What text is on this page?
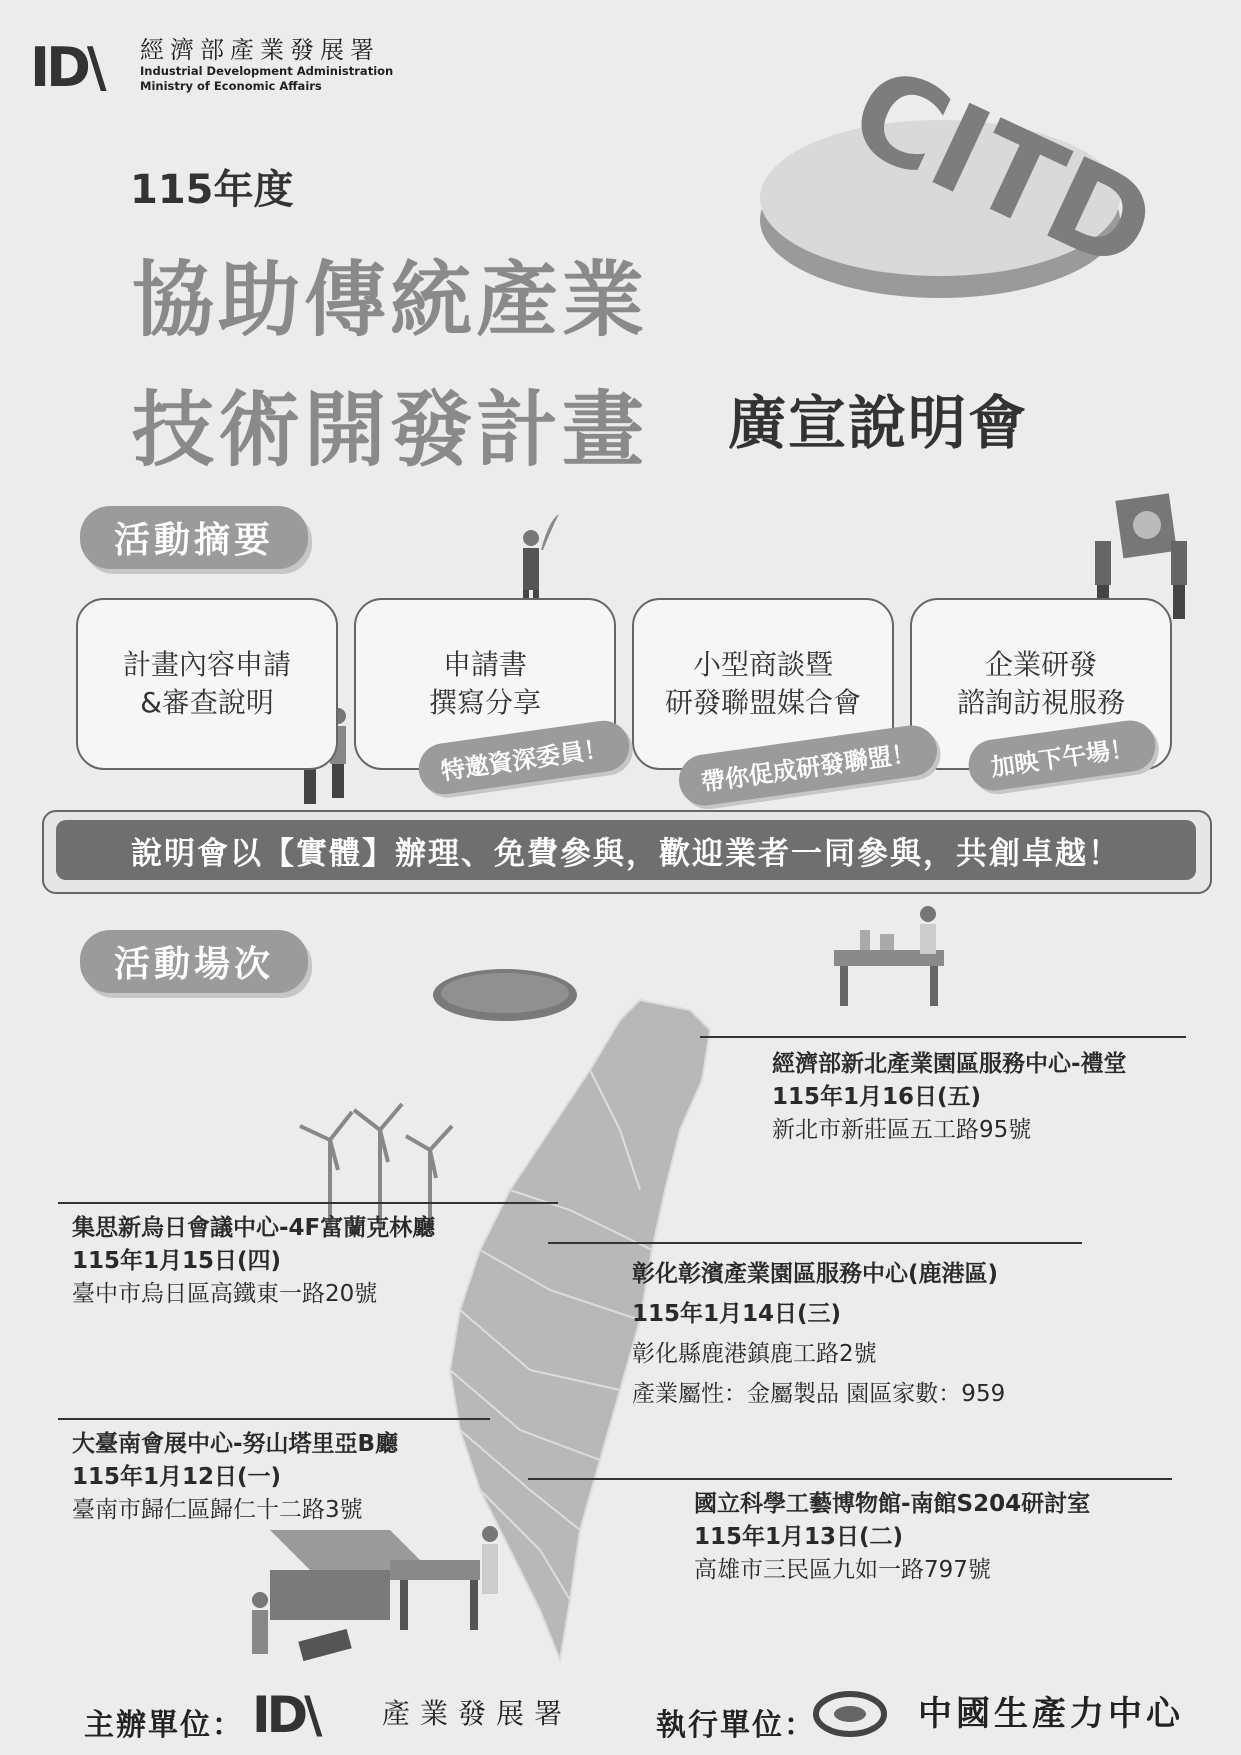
ID\ 經濟部產業發展署
Industrial Development Administration
Ministry of Economic Affairs	CITD
115年度
協助傳統產業
技術開發計畫 廣宣說明會
活動摘要
計畫內容申請
&審查說明
申請書
撰寫分享
小型商談暨
研發聯盟媒合會
企業研發
諮詢訪視服務
特邀資深委員！	帶你促成研發聯盟！	加映下午場！
說明會以【實體】辦理、免費參與，歡迎業者一同參與，共創卓越！
活動場次
經濟部新北產業園區服務中心-禮堂
115年1月16日(五)
新北市新莊區五工路95號
集思新烏日會議中心-4F富蘭克林廳
115年1月15日(四)
臺中市烏日區高鐵東一路20號
彰化彰濱產業園區服務中心(鹿港區)
115年1月14日(三)
彰化縣鹿港鎮鹿工路2號
產業屬性：金屬製品 園區家數：959
大臺南會展中心-努山塔里亞B廳
115年1月12日(一)
臺南市歸仁區歸仁十二路3號	國立科學工藝博物館-南館S204研討室
115年1月13日(二)
高雄市三民區九如一路797號
主辦單位： ID\ 產業發展署	執行單位：	中國生產力中心
